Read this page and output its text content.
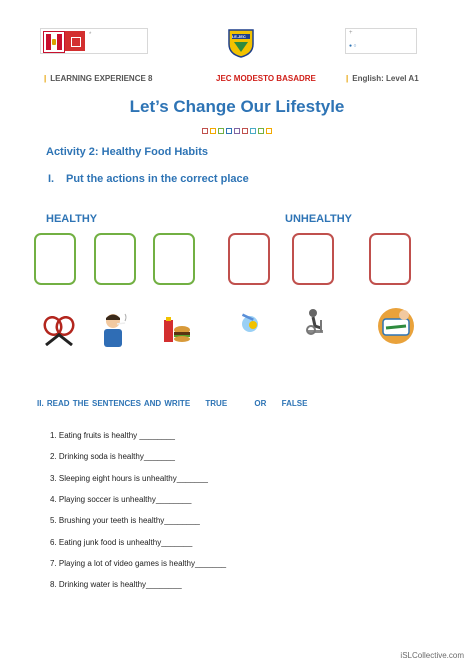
*	I.E.JEC
+
● ○
| LEARNING EXPERIENCE 8	JEC MODESTO BASADRE	| English: Level A1
Let’s Change Our Lifestyle
Activity 2: Healthy Food Habits
I. Put the actions in the correct place
HEALTHY	UNHEALTHY
II. READ THE SENTENCES AND WRITE TRUE	OR FALSE
1. Eating fruits is healthy ________
2. Drinking soda is healthy_______
3. Sleeping eight hours is unhealthy_______
4. Playing soccer is unhealthy________
5. Brushing your teeth is healthy________
6. Eating junk food is unhealthy_______
7. Playing a lot of video games is healthy_______
8. Drinking water is healthy________
iSLCollective.com
